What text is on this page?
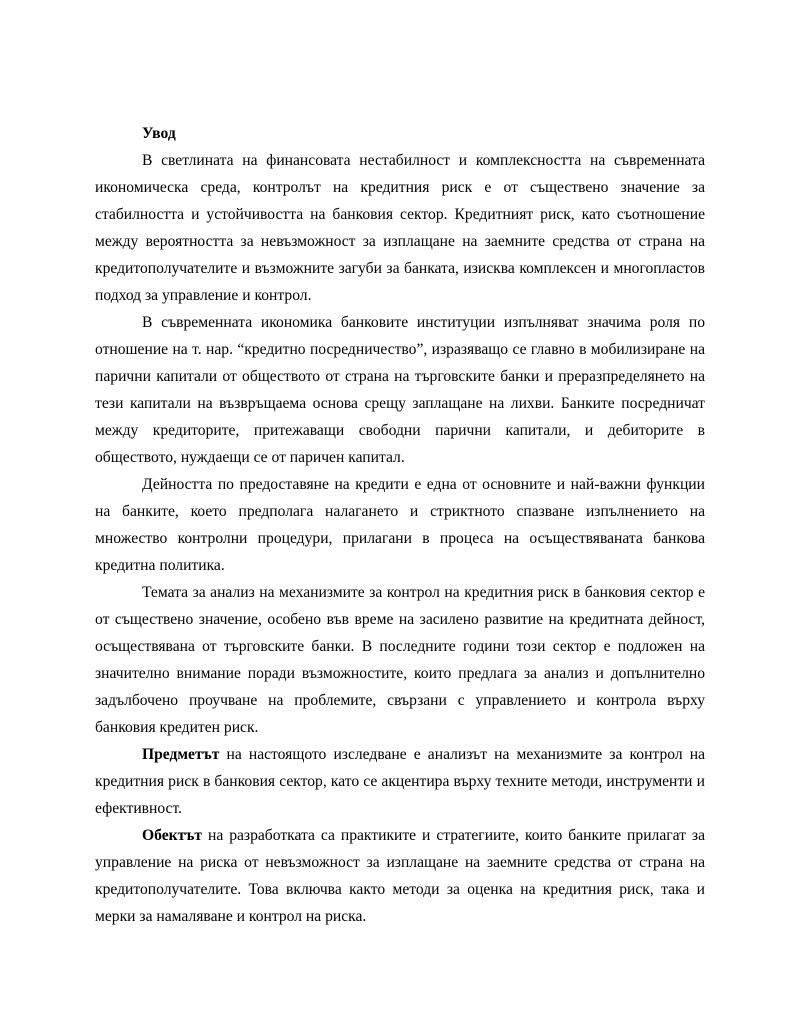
Увод

В светлината на финансовата нестабилност и комплексността на съвременната икономическа среда, контролът на кредитния риск е от съществено значение за стабилността и устойчивостта на банковия сектор. Кредитният риск, като съотношение между вероятността за невъзможност за изплащане на заемните средства от страна на кредитополучателите и възможните загуби за банката, изисква комплексен и многопластов подход за управление и контрол.

В съвременната икономика банковите институции изпълняват значима роля по отношение на т. нар. “кредитно посредничество”, изразяващо се главно в мобилизиране на парични капитали от обществото от страна на търговските банки и преразпределянето на тези капитали на възвръщаема основа срещу заплащане на лихви. Банките посредничат между кредиторите, притежаващи свободни парични капитали, и дебиторите в обществото, нуждаещи се от паричен капитал.

Дейността по предоставяне на кредити е една от основните и най-важни функции на банките, което предполага налагането и стриктното спазване изпълнението на множество контролни процедури, прилагани в процеса на осъществяваната банкова кредитна политика.

Темата за анализ на механизмите за контрол на кредитния риск в банковия сектор е от съществено значение, особено във време на засилено развитие на кредитната дейност, осъществявана от търговските банки. В последните години този сектор е подложен на значително внимание поради възможностите, които предлага за анализ и допълнително задълбочено проучване на проблемите, свързани с управлението и контрола върху банковия кредитен риск.

Предметът на настоящото изследване е анализът на механизмите за контрол на кредитния риск в банковия сектор, като се акцентира върху техните методи, инструменти и ефективност.

Обектът на разработката са практиките и стратегиите, които банките прилагат за управление на риска от невъзможност за изплащане на заемните средства от страна на кредитополучателите. Това включва както методи за оценка на кредитния риск, така и мерки за намаляване и контрол на риска.
